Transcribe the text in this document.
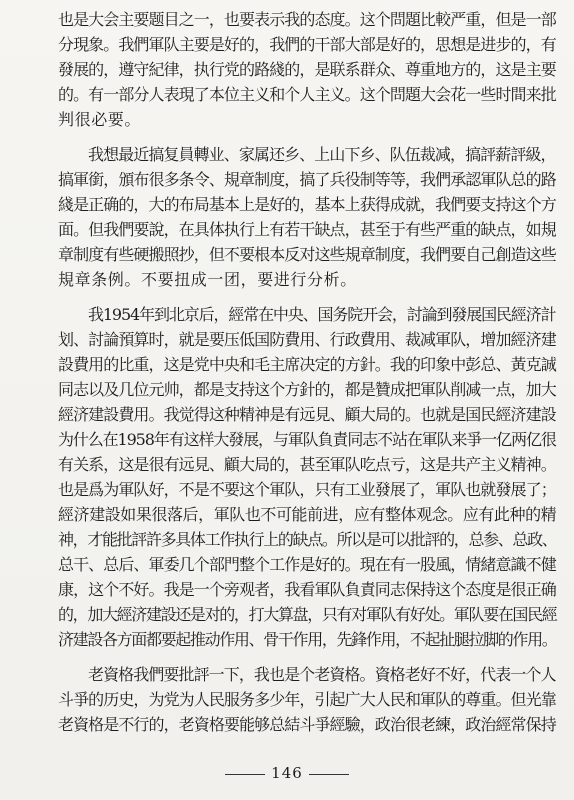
也是大会主要题目之一，也要表示我的态度。这个問題比較严重，但是一部
分現象。我們軍队主要是好的，我們的干部大部是好的，思想是进步的，有
發展的，遵守紀律，执行党的路綫的，是联系群众、尊重地方的，这是主要
的。有一部分人表現了本位主义和个人主义。这个問題大会花一些时間来批
判很必要。
我想最近搞复員轉业、家属还乡、上山下乡、队伍裁减，搞評薪評級，
搞軍銜，頒布很多条令、規章制度，搞了兵役制等等，我們承認軍队总的路
綫是正确的，大的布局基本上是好的，基本上获得成就，我們要支持这个方
面。但我們要說，在具体执行上有若干缺点，甚至于有些严重的缺点，如規
章制度有些硬搬照抄，但不要根本反对这些規章制度，我們要自己創造这些
規章条例。不要扭成一团，要进行分析。
我1954年到北京后，經常在中央、国务院开会，討論到發展国民經济計
划、討論預算时，就是要压低国防費用、行政費用、裁减軍队，增加經济建
設費用的比重，这是党中央和毛主席决定的方針。我的印象中彭总、黃克誠
同志以及几位元帅，都是支持这个方針的，都是贊成把軍队削减一点，加大
經济建設費用。我觉得这种精神是有远見、顧大局的。也就是国民經济建設
为什么在1958年有这样大發展，与軍队負責同志不站在軍队来爭一亿两亿很
有关系，这是很有远見、顧大局的，甚至軍队吃点亏，这是共产主义精神。
也是爲为軍队好，不是不要这个軍队，只有工业發展了，軍队也就發展了；
經济建設如果很落后，軍队也不可能前进，应有整体观念。应有此种的精
神，才能批評許多具体工作执行上的缺点。所以是可以批評的，总参、总政、
总干、总后、軍委几个部門整个工作是好的。現在有一股風，情緒意識不健
康，这个不好。我是一个旁观者，我看軍队負責同志保持这个态度是很正确
的，加大經济建設还是对的，打大算盘，只有对軍队有好处。軍队要在国民經
济建設各方面都要起推动作用、骨干作用，先鋒作用，不起扯腿拉脚的作用。
老資格我們要批評一下，我也是个老資格。資格老好不好，代表一个人
斗爭的历史，为党为人民服务多少年，引起广大人民和軍队的尊重。但光靠
老資格是不行的，老資格要能够总結斗爭經驗，政治很老練，政治經常保持
146
